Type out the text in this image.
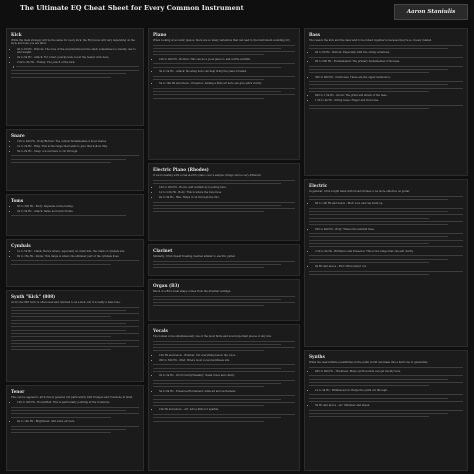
The Ultimate EQ Cheat Sheet for Every Common Instrument	Aaron Staniulis
Kick

While the main strategy will be the same for every kick, the EQ moves will vary depending on the style and tone you are after.

• 40 to 80 Hz - Bottom: The tone of the reverberation in the shell, sometimes too muddy, use to add weight.
• 2k to 6k Hz - Attack: For a fast, punchy kick, boost the beater click here.
• 2.5k to 6k Hz - Thump: The punch of the kick.
Snare
• 100 to 400 Hz - Body/Bottom: The central fundamental of most snares.
• 1k to 2k Hz - Ring: This is the range that tends to give that hollow ring.
• 5k to 8k Hz - Snap: A boost here to cut through.
Toms
• 60 to 300 Hz - Body: Depends on the tuning.
• 2k to 5k Hz - Attack: Same as in kick drums.
Cymbals
• 1k to 5k Hz - Clank: Here's where, especially on crash hits, the clank of cymbals sits.
• 8k to 15k Hz - Sizzle: This range is where the shimmer part of the cymbals lives.
Synth "Kick" (808)

At 20, the 808 'kick' is often used and referred to as a kick, but it is really a bass tone.

Tenor

This can be applied to all horns in general, but particularly with trumpet and trombone in mind.

• 100 to 300 Hz - Room/Mud: This is particularly pointing at the trombone.
• 4k to 10k Hz - Brightness: Add some air here.
Piano

When looking at acoustic pianos, there are so many variations that can lead to the instrument sounding dry.

• 100 to 200 Hz - Bottom: This can be a good place to add a little warmth.
• 3k to 5k Hz - Attack: Boosting here can help bring the piano forward.
• 5k to 10k Hz and above - Presence: Adding a little air here can give extra clarity.
Electric Piano (Rhodes)

If we're dealing with a real electric piano over a sample, things can be very different.

• 100 to 200 Hz - Room: Add warmth by boosting here.
• 1k to 2.5k Hz - Body: This is where the tone lives.
• 4k to 8k Hz - Bite: Helps it cut through the mix.
Clavinet

Similarly, I find myself treating clavinet similar to electric guitar.

Organ (B3)

Much of a B3's tonal shape comes from the drawbar settings.

Vocals

The human voice simultaneously one of the most finite and most important pieces of any mix.

• 100 Hz and below - Rumble: Cut everything below the voice.
• 200 to 500 Hz - Mud: Where most vocal muddiness sits.
• 2k to 5k Hz - Word Clarity/Nasality: Nasal tones and clarity.
• 5k to 8k Hz - Presence/Excitement: Adds air and excitement.
• 10k Hz and above - Air: Add a little for sparkle.
Bass

The reason the kick and the bass tend to be mixed together is because they're so closely related.

• 40 to 80 Hz - Bottom: Especially with five string variations.
• 80 to 200 Hz - Fundamental: The primary fundamental of the bass.
• 300 to 800 Hz - Overtones: These are the upper harmonics.
• 800 to 1.5k Hz - Growl: The grind and attack of the bass.
• 1.5k to 4k Hz - String noise: Finger and fret noise.
Electric

In general, I find a light hand with broad strokes to be more effective on guitar.

• 80 to 100 Hz and below - Mud: Low end can build up.
• 200 to 400 Hz - Body: Where the warmth lives.
• 2.5k to 6k Hz - Brilliance and Presence: This is the range that can add clarity.
• 6k Hz and above - Fizz: Often better cut.
Synths

While the near-infinite possibilities in the synth world can make this a hard one to generalize.

• 400 to 800 Hz - Thickness: Many synth sounds can get muddy here.
• 1k to 3k Hz - Brilliance/Cut: Helps the synth cut through.
• 5k Hz and above - Air: Shimmer and sheen.
